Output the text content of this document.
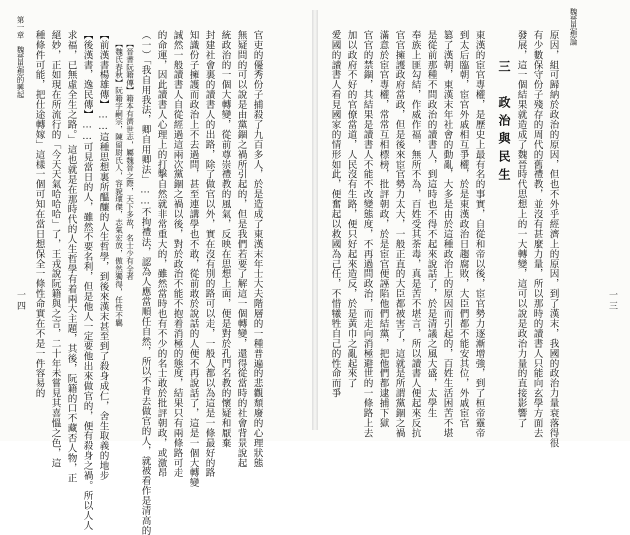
一四
第一章　魏晉思想的興起 種條件可能，把仕途轉嫁」這樣一個可知在當日想保全一條性命實在不是一件容易的 絕妙，正如現在所流行的「今天天氣哈哈哈」了，王戎說阮籍與之言，二十年未嘗見其喜慍之色，這 求福，已無虛全生之路。」這也就是在那時代的人生哲學有着兩大主題，其後，阮籍的口不藏否人物，正 【後漢書，逸民傳】……可見當日的人，雖然不要名利，但是他人一定要他出來做官的，便有殺身之禍。所以人人 【前漢書楊雄傳】……這種思想裏所醞釀的人生哲學，到後來漢末甚至到了殺身成仁，舍生取義的地步 【魏氏春秋】阮籍字嗣宗，陳留尉氏人，容貌瓌傑，志氣宏放，傲然獨得，任性不羈 【晉書阮籍傳】籍本有濟世志，屬魏晉之際，天下多故，名士少有全者 （一）「我自用我法，卿自用卿法」……不拘禮法，認為人應當順任自然，所以不肯去做官的人，就被看作是清高的 的命運，因此讀書人心理上的打擊自然就非常重大的，雖然當時也有不少的名士敢於批評朝政，或激昂 誠然一般讀書人自從經過這兩次黨錮之禍以後，對於政治不能不抱着消極的態度，結果只有兩條路可走 知識份子擁護而政治上不去過問，甚至連講學也不敢，從前敢於說話的人便不再說話了，這是一個大轉變 封建社會裏的讀書人的出路，除了做官以外，實在沒有別的路可以走，一般人都以為這是一條最好的路 統政治的一個大轉變，從前尊崇禮教的風氣，反映在思想上面，便是對於孔門名教的懷疑和厭棄 無疑問的可以說是由黨錮之禍所引起的，但是我們若要了解這一個轉變，還得從當時的社會背景說起 官吏的優秀份子捕殺了九百多人，於是造成了東漢末年士大夫階層的一種普遍的悲觀頹廢的心理狀態
魏晉思想論
一三
原因，組可歸納於政治的原因，但也不外乎經濟上的原因，到了漢末，我國的政治力量衰落得很
有少數保守份子殘存的周代的舊禮教，並沒有甚麼力量，所以那時的讀書人只能向玄學方面去
發展，這一個結果就造成了魏晉時代思想上的一大轉變，這可以說是政治力量的直接影響了
三　政治與民生
東漢的宦官專權，是歷史上最有名的事實，自從和帝以後，宦官勢力逐漸增強，到了桓帝靈帝
到太后臨朝，宦官外戚相互爭權，於是東漢政治日趨腐敗，大臣們都不能安其位，外戚宦官
篡了漢朝，東漢末年社會的動亂，大多是由於這種政治上的原因而引起的，百姓生活困苦不堪
是從前那種不問政治的讀書人，到這時也不得不起來說話了，於是清議之風大盛，太學生
奉族上匪勾結，作威作福，無所不為，百姓受其荼毒，真是苦不堪言，所以讀書人便起來反抗
官官擁護政府當政，但是後來宦官勢力太大，一般正直的大臣都被害了，這就是所謂黨錮之禍
滿意於宦官專權，常常互相標榜，批評朝政，於是宦官便誣陷他們結黨，把他們都逮捕下獄
官官的禁錮，其結果是讀書人不能不改變態度，不再過問政治，而走向消極避世的一條路上去
加以政府不好的官僚當道，人民沒有生路，便只好起來造反，於是黃巾之亂起來了
愛國的讀書人看見國家的情形如此，便奮起以救國為己任，不惜犧牲自己的性命而爭
